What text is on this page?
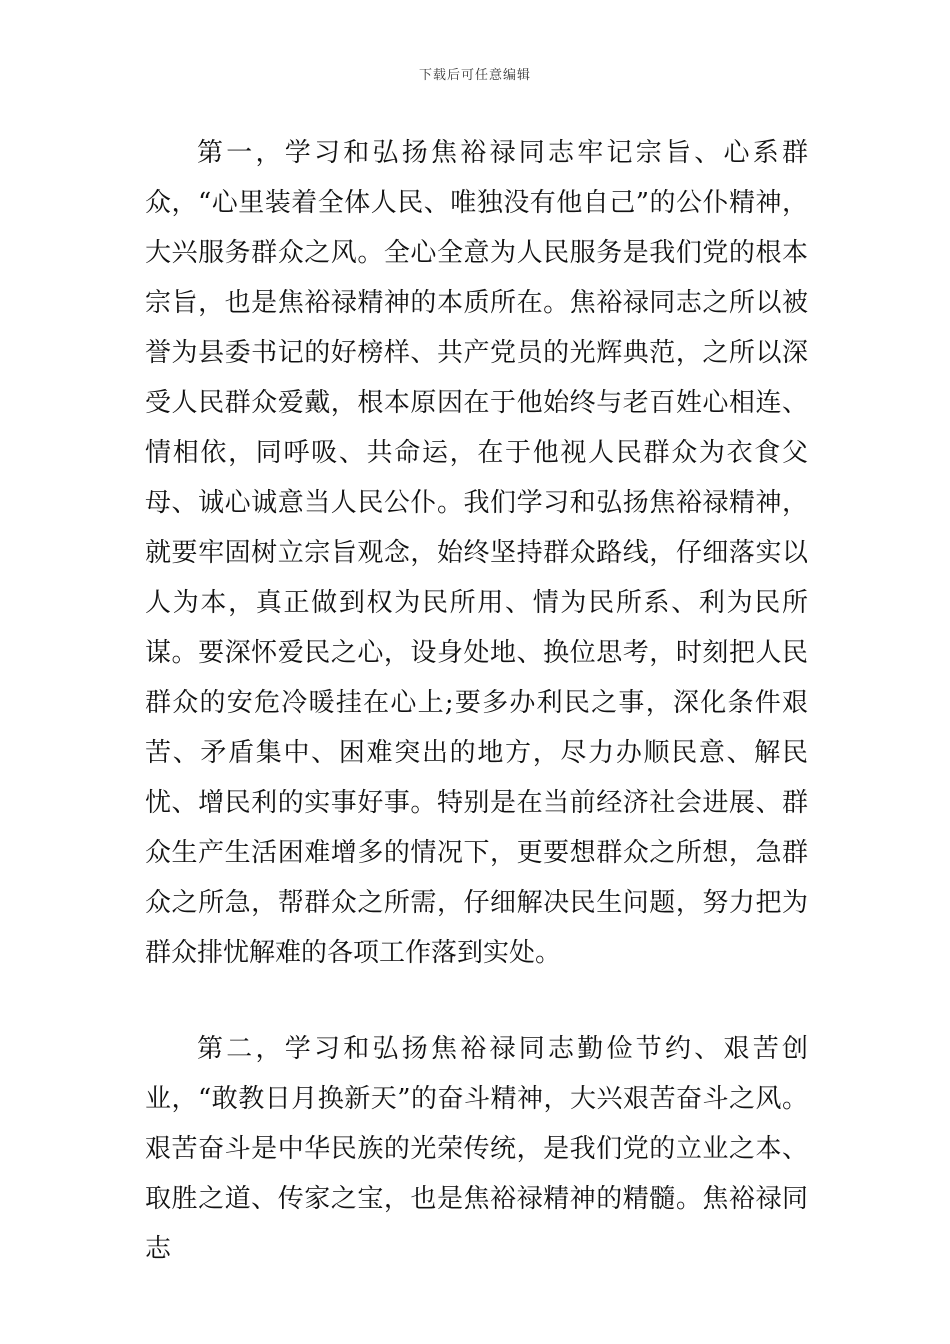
下载后可任意编辑

第一，学习和弘扬焦裕禄同志牢记宗旨、心系群众，“心里装着全体人民、唯独没有他自己”的公仆精神，大兴服务群众之风。全心全意为人民服务是我们党的根本宗旨，也是焦裕禄精神的本质所在。焦裕禄同志之所以被誉为县委书记的好榜样、共产党员的光辉典范，之所以深受人民群众爱戴，根本原因在于他始终与老百姓心相连、情相依，同呼吸、共命运，在于他视人民群众为衣食父母、诚心诚意当人民公仆。我们学习和弘扬焦裕禄精神，就要牢固树立宗旨观念，始终坚持群众路线，仔细落实以人为本，真正做到权为民所用、情为民所系、利为民所谋。要深怀爱民之心，设身处地、换位思考，时刻把人民群众的安危冷暖挂在心上;要多办利民之事，深化条件艰苦、矛盾集中、困难突出的地方，尽力办顺民意、解民忧、增民利的实事好事。特别是在当前经济社会进展、群众生产生活困难增多的情况下，更要想群众之所想，急群众之所急，帮群众之所需，仔细解决民生问题，努力把为群众排忧解难的各项工作落到实处。

第二，学习和弘扬焦裕禄同志勤俭节约、艰苦创业，“敢教日月换新天”的奋斗精神，大兴艰苦奋斗之风。艰苦奋斗是中华民族的光荣传统，是我们党的立业之本、取胜之道、传家之宝，也是焦裕禄精神的精髓。焦裕禄同志
